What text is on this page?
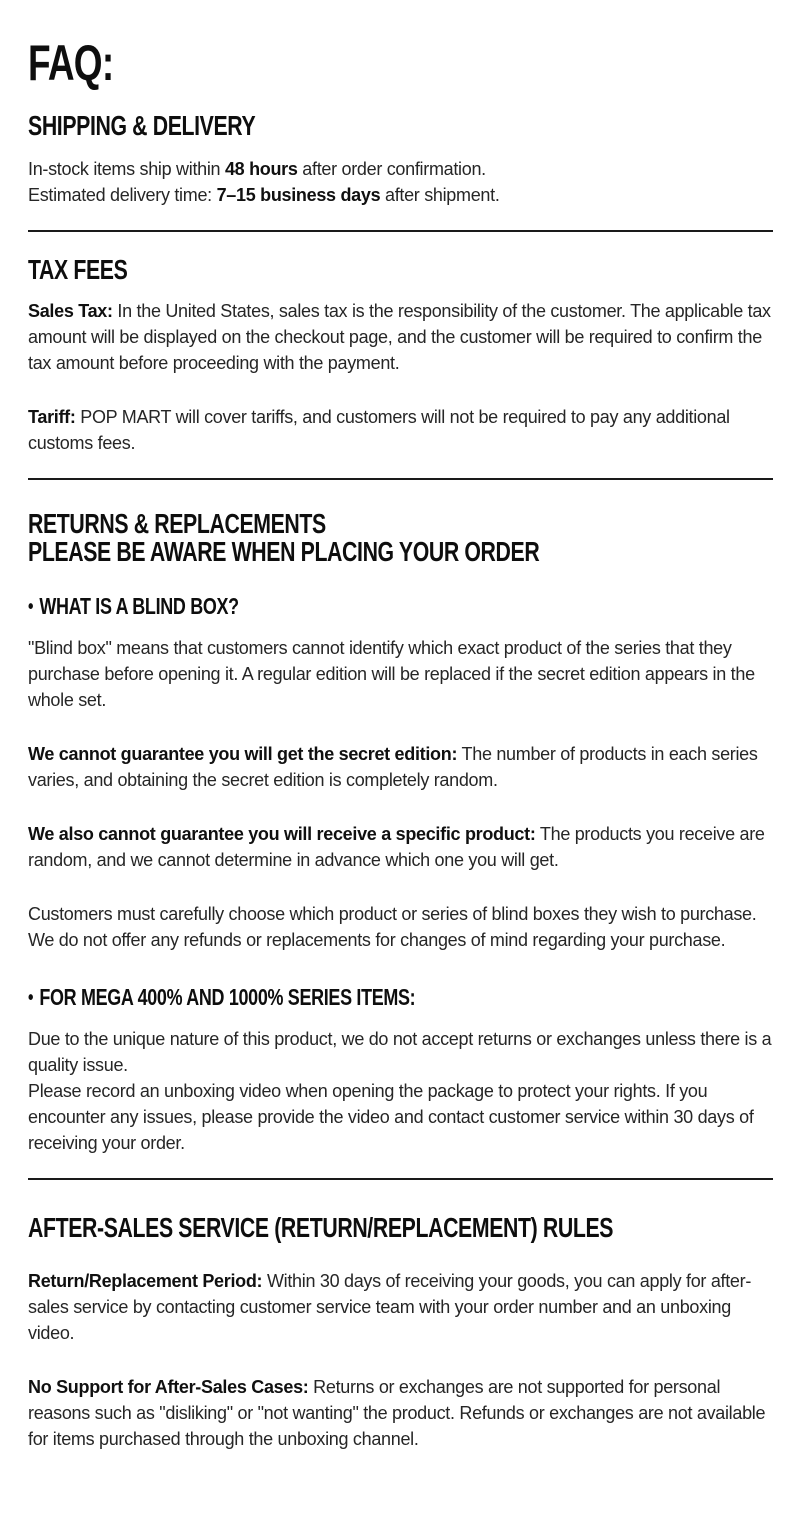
FAQ:
SHIPPING & DELIVERY

In-stock items ship within 48 hours after order confirmation.

Estimated delivery time: 7–15 business days after shipment.

TAX FEES

Sales Tax: In the United States, sales tax is the responsibility of the customer. The applicable tax amount will be displayed on the checkout page, and the customer will be required to confirm the tax amount before proceeding with the payment.

Tariff: POP MART will cover tariffs, and customers will not be required to pay any additional customs fees.

RETURNS & REPLACEMENTS
PLEASE BE AWARE WHEN PLACING YOUR ORDER
• WHAT IS A BLIND BOX?

"Blind box" means that customers cannot identify which exact product of the series that they purchase before opening it. A regular edition will be replaced if the secret edition appears in the whole set.

We cannot guarantee you will get the secret edition: The number of products in each series varies, and obtaining the secret edition is completely random.

We also cannot guarantee you will receive a specific product: The products you receive are random, and we cannot determine in advance which one you will get.

Customers must carefully choose which product or series of blind boxes they wish to purchase. We do not offer any refunds or replacements for changes of mind regarding your purchase.

• FOR MEGA 400% AND 1000% SERIES ITEMS:

Due to the unique nature of this product, we do not accept returns or exchanges unless there is a quality issue.

Please record an unboxing video when opening the package to protect your rights. If you encounter any issues, please provide the video and contact customer service within 30 days of receiving your order.

AFTER-SALES SERVICE (RETURN/REPLACEMENT) RULES

Return/Replacement Period: Within 30 days of receiving your goods, you can apply for after-sales service by contacting customer service team with your order number and an unboxing video.

No Support for After-Sales Cases: Returns or exchanges are not supported for personal reasons such as "disliking" or "not wanting" the product. Refunds or exchanges are not available for items purchased through the unboxing channel.
